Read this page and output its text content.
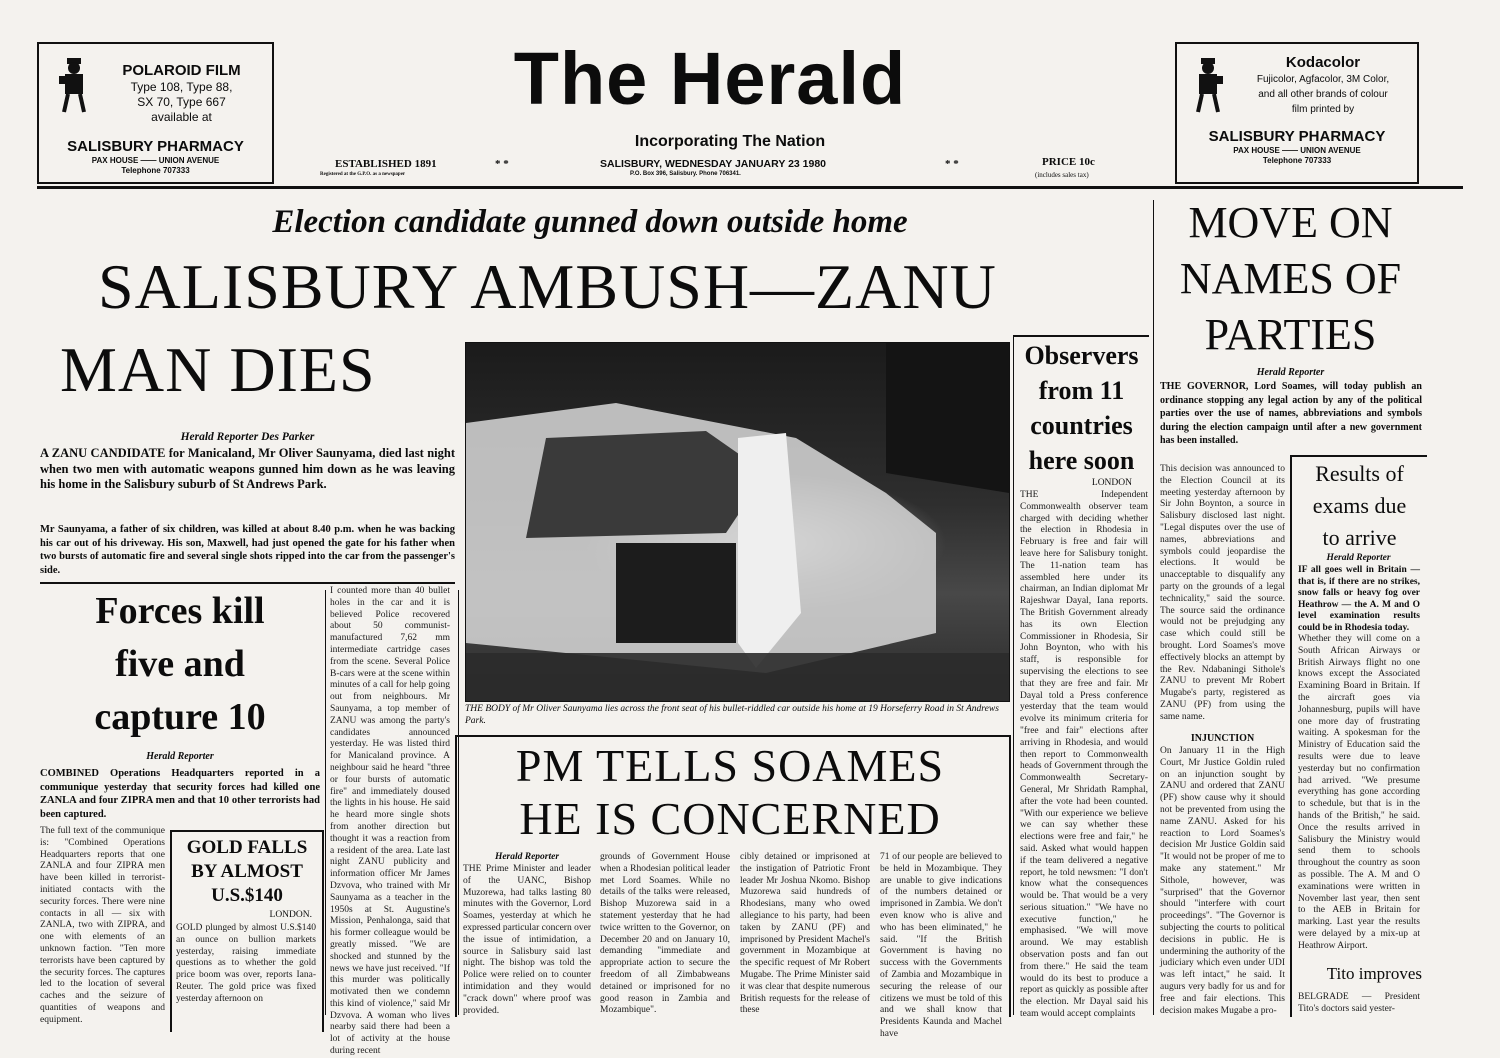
POLAROID FILM
Type 108, Type 88,
SX 70, Type 667
available at
SALISBURY PHARMACY
PAX HOUSE —— UNION AVENUE
Telephone 707333
The Herald
Incorporating The Nation
ESTABLISHED 1891
Registered at the G.P.O. as a newspaper
* *	SALISBURY, WEDNESDAY JANUARY 23 1980
P.O. Box 396, Salisbury. Phone 706341.
* *	PRICE 10c
(includes sales tax)
Kodacolor
Fujicolor, Agfacolor, 3M Color,
and all other brands of colour
film printed by
SALISBURY PHARMACY
PAX HOUSE —— UNION AVENUE
Telephone 707333
Election candidate gunned down outside home
SALISBURY AMBUSH—ZANU
MAN DIES
Herald Reporter Des Parker
A ZANU CANDIDATE for Manicaland, Mr Oliver Saunyama, died last night when two men with automatic weapons gunned him down as he was leaving his home in the Salisbury suburb of St Andrews Park.
Mr Saunyama, a father of six children, was killed at about 8.40 p.m. when he was backing his car out of his driveway. His son, Maxwell, had just opened the gate for his father when two bursts of automatic fire and several single shots ripped into the car from the passenger's side.
I counted more than 40 bullet holes in the car and it is believed Police recovered about 50 communist-manufactured 7,62 mm intermediate cartridge cases from the scene. Several Police B-cars were at the scene within minutes of a call for help going out from neighbours. Mr Saunyama, a top member of ZANU was among the party's candidates announced yesterday. He was listed third for Manicaland province. A neighbour said he heard "three or four bursts of automatic fire" and immediately doused the lights in his house. He said he heard more single shots from another direction but thought it was a reaction from a resident of the area. Late last night ZANU publicity and information officer Mr James Dzvova, who trained with Mr Saunyama as a teacher in the 1950s at St. Augustine's Mission, Penhalonga, said that his former colleague would be greatly missed. "We are shocked and stunned by the news we have just received. "If this murder was politically motivated then we condemn this kind of violence," said Mr Dzvova. A woman who lives nearby said there had been a lot of activity at the house during recent
THE BODY of Mr Oliver Saunyama lies across the front seat of his bullet-riddled car outside his home at 19 Horseferry Road in St Andrews Park.
Forces kill
five and
capture 10
Herald Reporter
COMBINED Operations Headquarters reported in a communique yesterday that security forces had killed one ZANLA and four ZIPRA men and that 10 other terrorists had been captured.
The full text of the communique is: "Combined Operations Headquarters reports that one ZANLA and four ZIPRA men have been killed in terrorist-initiated contacts with the security forces. There were nine contacts in all — six with ZANLA, two with ZIPRA, and one with elements of an unknown faction. "Ten more terrorists have been captured by the security forces. The captures led to the location of several caches and the seizure of quantities of weapons and equipment.
GOLD FALLS
BY ALMOST
U.S.$140
LONDON.
GOLD plunged by almost U.S.$140 an ounce on bullion markets yesterday, raising immediate questions as to whether the gold price boom was over, reports Iana-Reuter. The gold price was fixed yesterday afternoon on
PM TELLS SOAMES
HE IS CONCERNED
Herald Reporter
THE Prime Minister and leader of the UANC, Bishop Muzorewa, had talks lasting 80 minutes with the Governor, Lord Soames, yesterday at which he expressed particular concern over the issue of intimidation, a source in Salisbury said last night. The bishop was told the Police were relied on to counter intimidation and they would "crack down" where proof was provided.
grounds of Government House when a Rhodesian political leader met Lord Soames. While no details of the talks were released, Bishop Muzorewa said in a statement yesterday that he had twice written to the Governor, on December 20 and on January 10, demanding "immediate and appropriate action to secure the freedom of all Zimbabweans detained or imprisoned for no good reason in Zambia and Mozambique".
cibly detained or imprisoned at the instigation of Patriotic Front leader Mr Joshua Nkomo. Bishop Muzorewa said hundreds of Rhodesians, many who owed allegiance to his party, had been taken by ZANU (PF) and imprisoned by President Machel's government in Mozambique at the specific request of Mr Robert Mugabe. The Prime Minister said it was clear that despite numerous British requests for the release of these
71 of our people are believed to be held in Mozambique. They are unable to give indications of the numbers detained or imprisoned in Zambia. We don't even know who is alive and who has been eliminated," he said. "If the British Government is having no success with the Governments of Zambia and Mozambique in securing the release of our citizens we must be told of this and we shall know that Presidents Kaunda and Machel have
Observers
from 11
countries
here soon
LONDON
THE Independent Commonwealth observer team charged with deciding whether the election in Rhodesia in February is free and fair will leave here for Salisbury tonight. The 11-nation team has assembled here under its chairman, an Indian diplomat Mr Rajeshwar Dayal, Iana reports. The British Government already has its own Election Commissioner in Rhodesia, Sir John Boynton, who with his staff, is responsible for supervising the elections to see that they are free and fair. Mr Dayal told a Press conference yesterday that the team would evolve its minimum criteria for "free and fair" elections after arriving in Rhodesia, and would then report to Commonwealth heads of Government through the Commonwealth Secretary-General, Mr Shridath Ramphal, after the vote had been counted. "With our experience we believe we can say whether these elections were free and fair," he said. Asked what would happen if the team delivered a negative report, he told newsmen: "I don't know what the consequences would be. That would be a very serious situation." "We have no executive function," he emphasised. "We will move around. We may establish observation posts and fan out from there." He said the team would do its best to produce a report as quickly as possible after the election. Mr Dayal said his team would accept complaints
MOVE ON
NAMES OF
PARTIES
Herald Reporter
THE GOVERNOR, Lord Soames, will today publish an ordinance stopping any legal action by any of the political parties over the use of names, abbreviations and symbols during the election campaign until after a new government has been installed.
This decision was announced to the Election Council at its meeting yesterday afternoon by Sir John Boynton, a source in Salisbury disclosed last night. "Legal disputes over the use of names, abbreviations and symbols could jeopardise the elections. It would be unacceptable to disqualify any party on the grounds of a legal technicality," said the source. The source said the ordinance would not be prejudging any case which could still be brought. Lord Soames's move effectively blocks an attempt by the Rev. Ndabaningi Sithole's ZANU to prevent Mr Robert Mugabe's party, registered as ZANU (PF) from using the same name.
INJUNCTION
On January 11 in the High Court, Mr Justice Goldin ruled on an injunction sought by ZANU and ordered that ZANU (PF) show cause why it should not be prevented from using the name ZANU. Asked for his reaction to Lord Soames's decision Mr Justice Goldin said "It would not be proper of me to make any statement." Mr Sithole, however, was "surprised" that the Governor should "interfere with court proceedings". "The Governor is subjecting the courts to political decisions in public. He is undermining the authority of the judiciary which even under UDI was left intact," he said. It augurs very badly for us and for free and fair elections. This decision makes Mugabe a pro-
Results of
exams due
to arrive
Herald Reporter
IF all goes well in Britain — that is, if there are no strikes, snow falls or heavy fog over Heathrow — the A. M and O level examination results could be in Rhodesia today.
Whether they will come on a South African Airways or British Airways flight no one knows except the Associated Examining Board in Britain. If the aircraft goes via Johannesburg, pupils will have one more day of frustrating waiting. A spokesman for the Ministry of Education said the results were due to leave yesterday but no confirmation had arrived. "We presume everything has gone according to schedule, but that is in the hands of the British," he said. Once the results arrived in Salisbury the Ministry would send them to schools throughout the country as soon as possible. The A. M and O examinations were written in November last year, then sent to the AEB in Britain for marking. Last year the results were delayed by a mix-up at Heathrow Airport.
Tito improves
BELGRADE — President Tito's doctors said yester-
